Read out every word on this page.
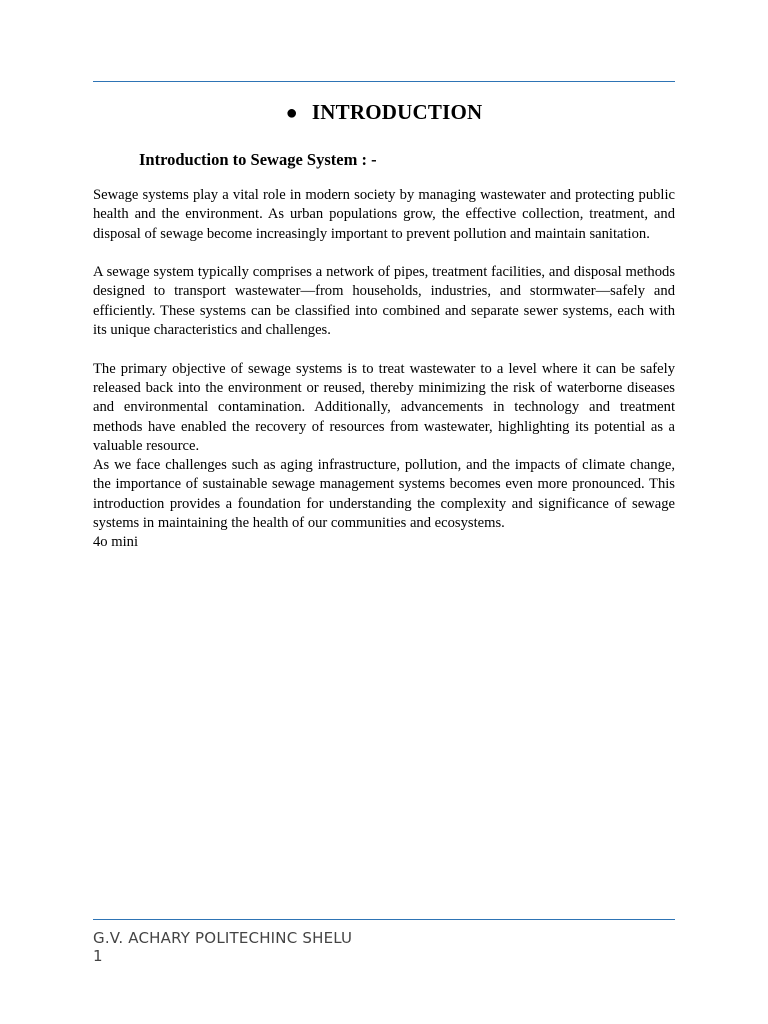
● INTRODUCTION
Introduction to Sewage System : -

Sewage systems play a vital role in modern society by managing wastewater and protecting public health and the environment. As urban populations grow, the effective collection, treatment, and disposal of sewage become increasingly important to prevent pollution and maintain sanitation.

A sewage system typically comprises a network of pipes, treatment facilities, and disposal methods designed to transport wastewater—from households, industries, and stormwater—safely and efficiently. These systems can be classified into combined and separate sewer systems, each with its unique characteristics and challenges.

The primary objective of sewage systems is to treat wastewater to a level where it can be safely released back into the environment or reused, thereby minimizing the risk of waterborne diseases and environmental contamination. Additionally, advancements in technology and treatment methods have enabled the recovery of resources from wastewater, highlighting its potential as a valuable resource.

As we face challenges such as aging infrastructure, pollution, and the impacts of climate change, the importance of sustainable sewage management systems becomes even more pronounced. This introduction provides a foundation for understanding the complexity and significance of sewage systems in maintaining the health of our communities and ecosystems.

4o mini

G.V. ACHARY POLITECHINC SHELU
1
